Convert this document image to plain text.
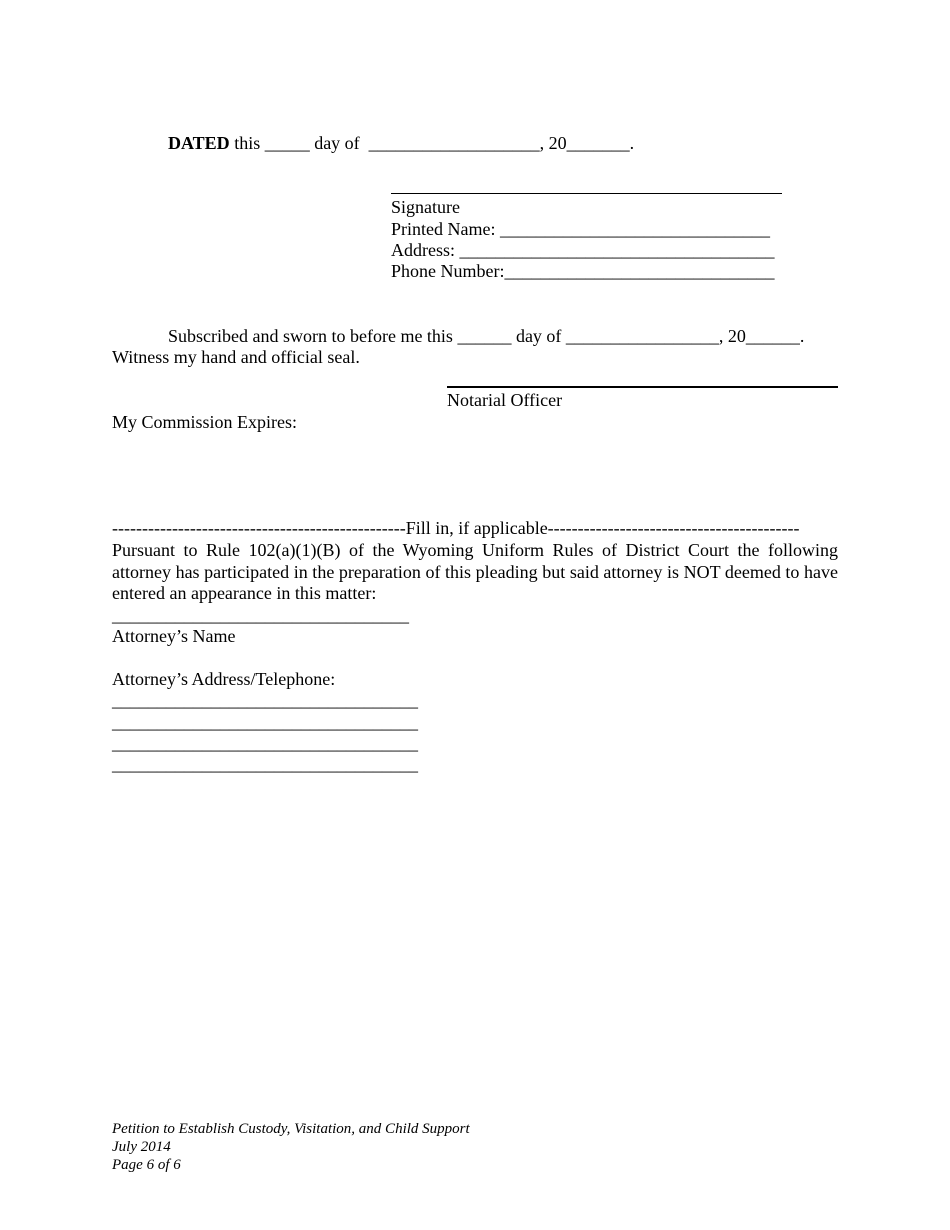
DATED this _____ day of  ___________________, 20_______.
Signature
Printed Name: ______________________________
Address: ___________________________________
Phone Number:______________________________
Subscribed and sworn to before me this ______ day of _________________, 20______.
Witness my hand and official seal.
Notarial Officer
My Commission Expires:
-------------------------------------------------Fill in, if applicable------------------------------------------
Pursuant to Rule 102(a)(1)(B) of the Wyoming Uniform Rules of District Court the following attorney has participated in the preparation of this pleading but said attorney is NOT deemed to have entered an appearance in this matter:
_________________________________
Attorney’s Name
Attorney’s Address/Telephone:
__________________________________
__________________________________
__________________________________
__________________________________
Petition to Establish Custody, Visitation, and Child Support
July 2014
Page 6 of 6
